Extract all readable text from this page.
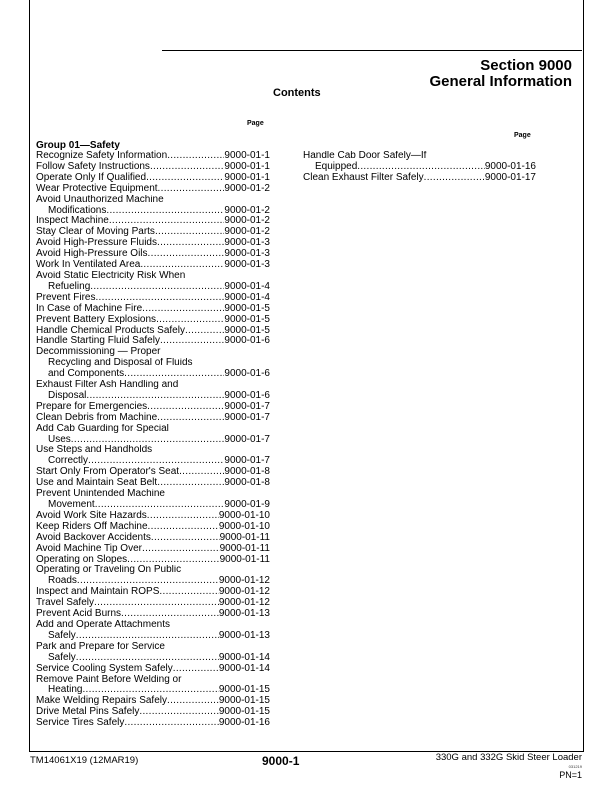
Section 9000
General Information
Contents
Page
Page
Group 01—Safety
Recognize Safety Information .....	9000-01-1
Follow Safety Instructions .....	9000-01-1
Operate Only If Qualified .....	9000-01-1
Wear Protective Equipment .....	9000-01-2
Avoid Unauthorized Machine
Modifications .....	9000-01-2
Inspect Machine .....	9000-01-2
Stay Clear of Moving Parts .....	9000-01-2
Avoid High-Pressure Fluids .....	9000-01-3
Avoid High-Pressure Oils .....	9000-01-3
Work In Ventilated Area .....	9000-01-3
Avoid Static Electricity Risk When
Refueling .....	9000-01-4
Prevent Fires .....	9000-01-4
In Case of Machine Fire .....	9000-01-5
Prevent Battery Explosions .....	9000-01-5
Handle Chemical Products Safely .....	9000-01-5
Handle Starting Fluid Safely .....	9000-01-6
Decommissioning — Proper
Recycling and Disposal of Fluids
and Components .....	9000-01-6
Exhaust Filter Ash Handling and
Disposal .....	9000-01-6
Prepare for Emergencies .....	9000-01-7
Clean Debris from Machine .....	9000-01-7
Add Cab Guarding for Special
Uses .....	9000-01-7
Use Steps and Handholds
Correctly .....	9000-01-7
Start Only From Operator's Seat .....	9000-01-8
Use and Maintain Seat Belt .....	9000-01-8
Prevent Unintended Machine
Movement .....	9000-01-9
Avoid Work Site Hazards .....	9000-01-10
Keep Riders Off Machine .....	9000-01-10
Avoid Backover Accidents .....	9000-01-11
Avoid Machine Tip Over .....	9000-01-11
Operating on Slopes .....	9000-01-11
Operating or Traveling On Public
Roads .....	9000-01-12
Inspect and Maintain ROPS .....	9000-01-12
Travel Safely .....	9000-01-12
Prevent Acid Burns .....	9000-01-13
Add and Operate Attachments
Safely .....	9000-01-13
Park and Prepare for Service
Safely .....	9000-01-14
Service Cooling System Safely .....	9000-01-14
Remove Paint Before Welding or
Heating .....	9000-01-15
Make Welding Repairs Safely .....	9000-01-15
Drive Metal Pins Safely .....	9000-01-15
Service Tires Safely .....	9000-01-16
Handle Cab Door Safely—If
Equipped .....	9000-01-16
Clean Exhaust Filter Safely .....	9000-01-17
TM14061X19 (12MAR19)	9000-1	330G and 332G Skid Steer Loader
031219
PN=1
